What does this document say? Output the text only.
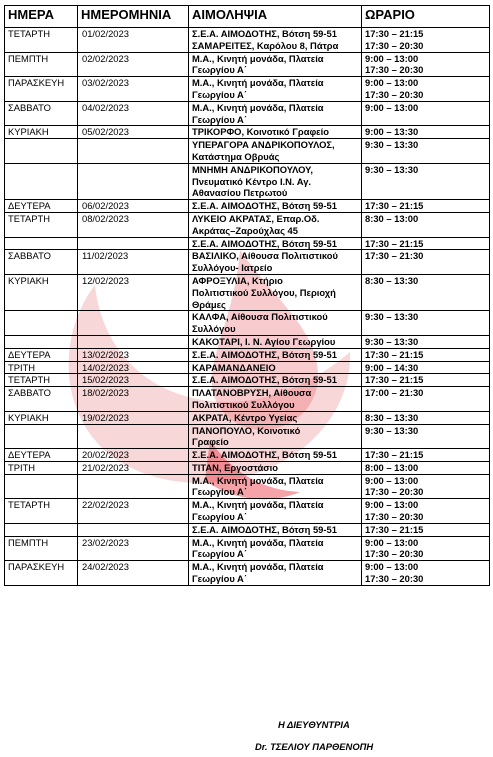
ΗΜΕΡΑ	ΗΜΕΡΟΜΗΝΙΑ	ΑΙΜΟΛΗΨΙΑ	ΩΡΑΡΙΟ
ΤΕΤΑΡΤΗ	01/02/2023	Σ.Ε.Α. ΑΙΜΟΔΟΤΗΣ, Βότση 59-51
ΣΑΜΑΡΕΙΤΕΣ, Καρόλου 8, Πάτρα	17:30 – 21:15
17:30 – 20:30

ΠΕΜΠΤΗ	02/02/2023	Μ.Α., Κινητή μονάδα, Πλατεία
Γεωργίου Α΄	9:00 – 13:00
17:30 – 20:30

ΠΑΡΑΣΚΕΥΗ	03/02/2023	Μ.Α., Κινητή μονάδα, Πλατεία
Γεωργίου Α΄	9:00 – 13:00
17:30 – 20:30

ΣΑΒΒΑΤΟ	04/02/2023	Μ.Α., Κινητή μονάδα, Πλατεία
Γεωργίου Α΄	9:00 – 13:00

ΚΥΡΙΑΚΗ	05/02/2023	ΤΡΙΚΟΡΦΟ, Κοινοτικό Γραφείο	9:00 – 13:30

		ΥΠΕΡΑΓΟΡΑ ΑΝΔΡΙΚΟΠΟΥΛΟΣ,
Κατάστημα Οβρυάς	9:30 – 13:30

		ΜΝΗΜΗ ΑΝΔΡΙΚΟΠΟΥΛΟΥ,
Πνευματικό Κέντρο Ι.Ν. Αγ.
Αθανασίου Πετρωτού	9:30 – 13:30

ΔΕΥΤΕΡΑ	06/02/2023	Σ.Ε.Α. ΑΙΜΟΔΟΤΗΣ, Βότση 59-51	17:30 – 21:15

ΤΕΤΑΡΤΗ	08/02/2023	ΛΥΚΕΙΟ ΑΚΡΑΤΑΣ, Επαρ.Οδ.
Ακράτας–Ζαρούχλας 45	8:30 – 13:00

		Σ.Ε.Α. ΑΙΜΟΔΟΤΗΣ, Βότση 59-51	17:30 – 21:15

ΣΑΒΒΑΤΟ	11/02/2023	ΒΑΣΙΛΙΚΟ, Αίθουσα Πολιτιστικού
Συλλόγου- Ιατρείο	17:30 – 21:30

ΚΥΡΙΑΚΗ	12/02/2023	ΑΦΡΟΞΥΛΙΑ, Κτήριο
Πολιτιστικού Συλλόγου, Περιοχή
Θράμες	8:30 – 13:30

		ΚΑΛΦΑ, Αίθουσα Πολιτιστικού
Συλλόγου	9:30 – 13:30

		ΚΑΚΟΤΑΡΙ, Ι. Ν. Αγίου Γεωργίου	9:30 – 13:30

ΔΕΥΤΕΡΑ	13/02/2023	Σ.Ε.Α. ΑΙΜΟΔΟΤΗΣ, Βότση 59-51	17:30 – 21:15

ΤΡΙΤΗ	14/02/2023	ΚΑΡΑΜΑΝΔΑΝΕΙΟ	9:00 – 14:30

ΤΕΤΑΡΤΗ	15/02/2023	Σ.Ε.Α. ΑΙΜΟΔΟΤΗΣ, Βότση 59-51	17:30 – 21:15

ΣΑΒΒΑΤΟ	18/02/2023	ΠΛΑΤΑΝΟΒΡΥΣΗ, Αίθουσα
Πολιτιστικού Συλλόγου	17:00 – 21:30

ΚΥΡΙΑΚΗ	19/02/2023	ΑΚΡΑΤΑ, Κέντρο Υγείας	8:30 – 13:30

		ΠΑΝΟΠΟΥΛΟ, Κοινοτικό
Γραφείο	9:30 – 13:30

ΔΕΥΤΕΡΑ	20/02/2023	Σ.Ε.Α. ΑΙΜΟΔΟΤΗΣ, Βότση 59-51	17:30 – 21:15

ΤΡΙΤΗ	21/02/2023	ΤΙΤΑΝ, Εργοστάσιο	8:00 – 13:00

		Μ.Α., Κινητή μονάδα, Πλατεία
Γεωργίου Α΄	9:00 – 13:00
17:30 – 20:30

ΤΕΤΑΡΤΗ	22/02/2023	Μ.Α., Κινητή μονάδα, Πλατεία
Γεωργίου Α΄	9:00 – 13:00
17:30 – 20:30

		Σ.Ε.Α. ΑΙΜΟΔΟΤΗΣ, Βότση 59-51	17:30 – 21:15

ΠΕΜΠΤΗ	23/02/2023	Μ.Α., Κινητή μονάδα, Πλατεία
Γεωργίου Α΄	9:00 – 13:00
17:30 – 20:30

ΠΑΡΑΣΚΕΥΗ	24/02/2023	Μ.Α., Κινητή μονάδα, Πλατεία
Γεωργίου Α΄	9:00 – 13:00
17:30 – 20:30
Η ΔΙΕΥΘΥΝΤΡΙΑ
Dr. ΤΣΕΛΙΟΥ ΠΑΡΘΕΝΟΠΗ
